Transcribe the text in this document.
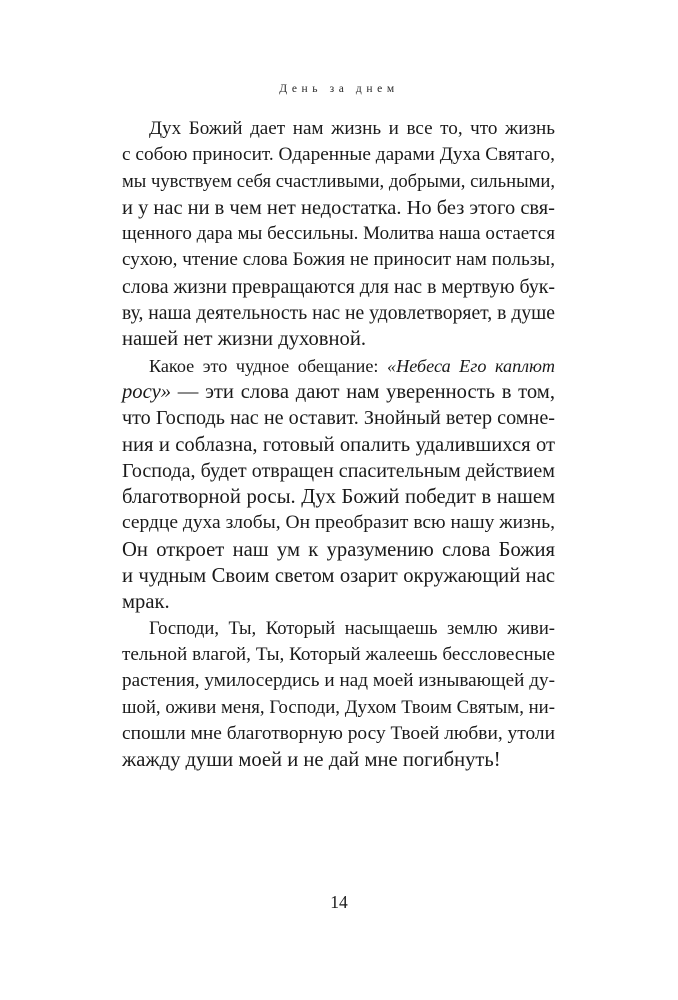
День за днем

Дух Божий дает нам жизнь и все то, что жизнь
с собою приносит. Одаренные дарами Духа Святаго,
мы чувствуем себя счастливыми, добрыми, сильными,
и у нас ни в чем нет недостатка. Но без этого свя-
щенного дара мы бессильны. Молитва наша остается
сухою, чтение слова Божия не приносит нам пользы,
слова жизни превращаются для нас в мертвую бук-
ву, наша деятельность нас не удовлетворяет, в душе
нашей нет жизни духовной.

Какое это чудное обещание: «Небеса Его каплют
росу» — эти слова дают нам уверенность в том,
что Господь нас не оставит. Знойный ветер сомне-
ния и соблазна, готовый опалить удалившихся от
Господа, будет отвращен спасительным действием
благотворной росы. Дух Божий победит в нашем
сердце духа злобы, Он преобразит всю нашу жизнь,
Он откроет наш ум к уразумению слова Божия
и чудным Своим светом озарит окружающий нас
мрак.

Господи, Ты, Который насыщаешь землю живи-
тельной влагой, Ты, Который жалеешь бессловесные
растения, умилосердись и над моей изнывающей ду-
шой, оживи меня, Господи, Духом Твоим Святым, ни-
спошли мне благотворную росу Твоей любви, утоли
жажду души моей и не дай мне погибнуть!

14
